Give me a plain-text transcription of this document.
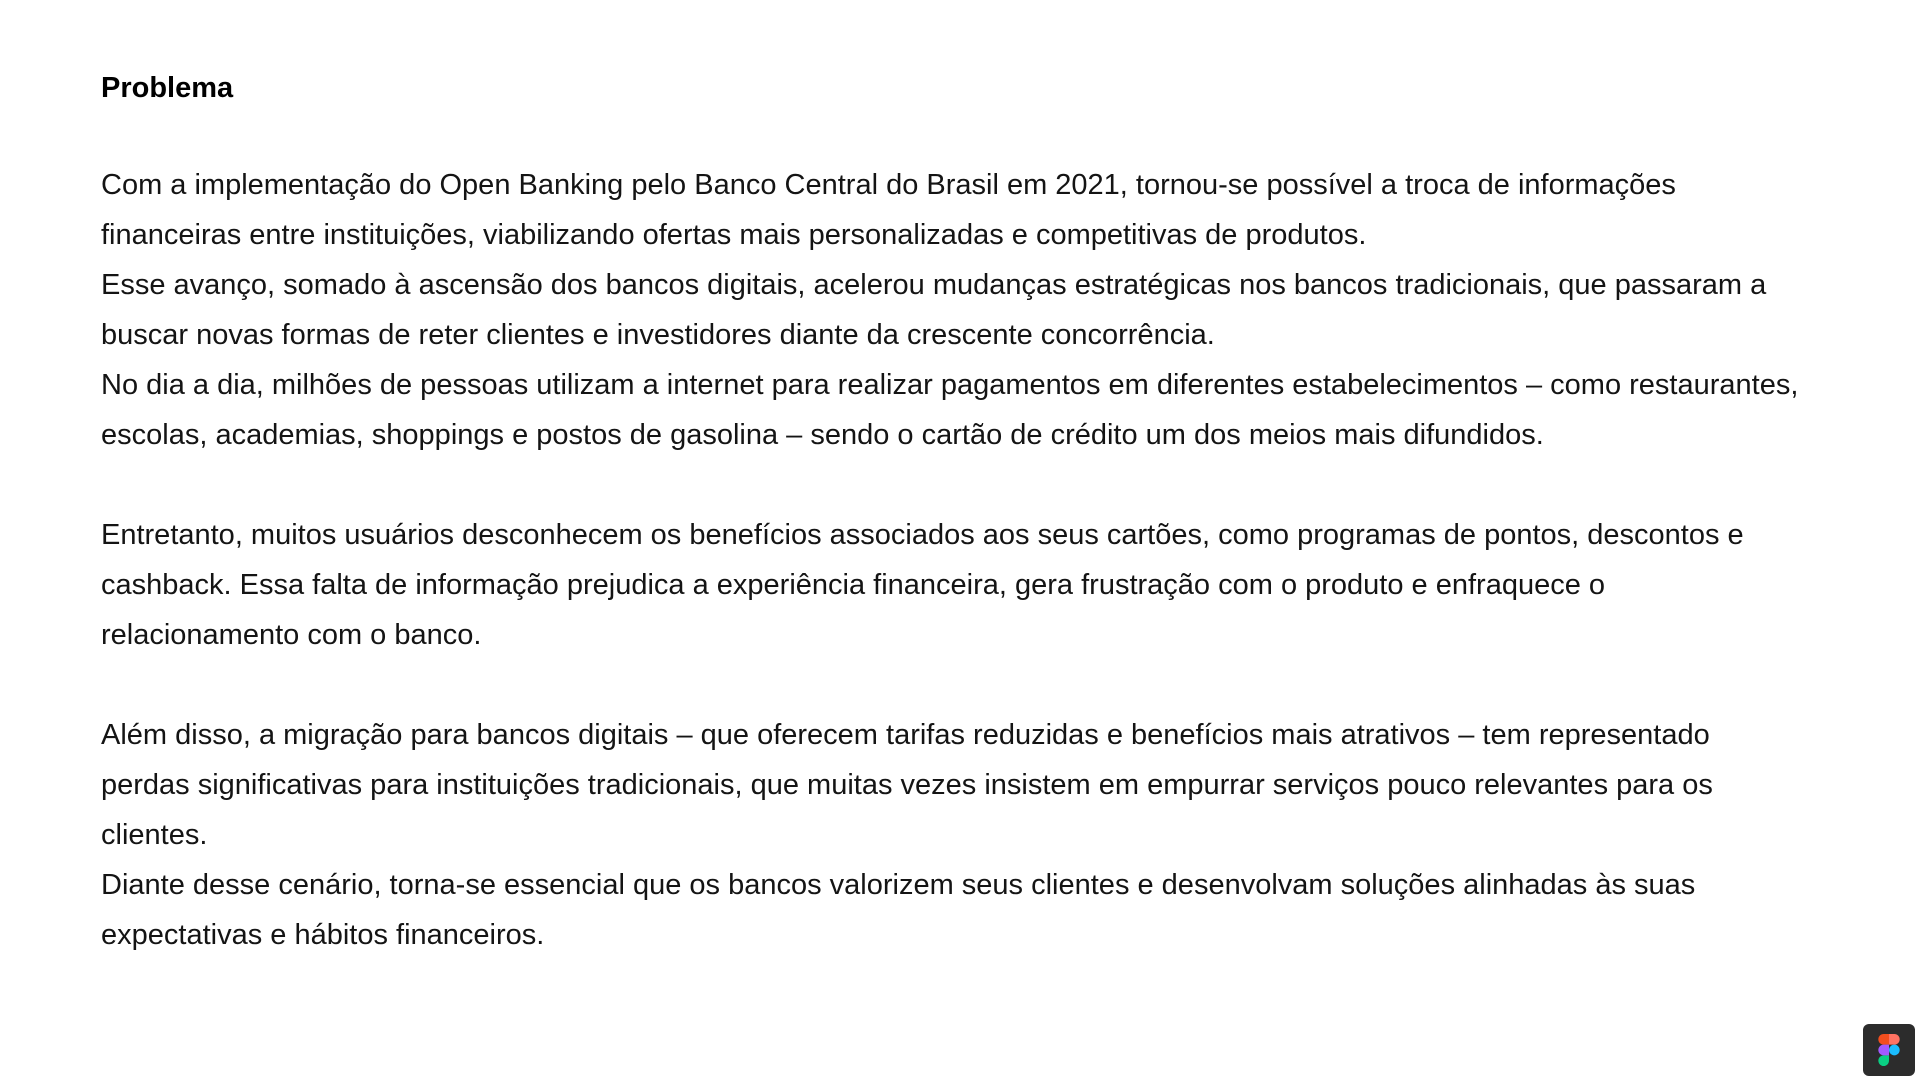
Problema

Com a implementação do Open Banking pelo Banco Central do Brasil em 2021, tornou-se possível a troca de informações financeiras entre instituições, viabilizando ofertas mais personalizadas e competitivas de produtos.

Esse avanço, somado à ascensão dos bancos digitais, acelerou mudanças estratégicas nos bancos tradicionais, que passaram a buscar novas formas de reter clientes e investidores diante da crescente concorrência.

No dia a dia, milhões de pessoas utilizam a internet para realizar pagamentos em diferentes estabelecimentos – como restaurantes, escolas, academias, shoppings e postos de gasolina – sendo o cartão de crédito um dos meios mais difundidos.

Entretanto, muitos usuários desconhecem os benefícios associados aos seus cartões, como programas de pontos, descontos e cashback. Essa falta de informação prejudica a experiência financeira, gera frustração com o produto e enfraquece o relacionamento com o banco.

Além disso, a migração para bancos digitais – que oferecem tarifas reduzidas e benefícios mais atrativos – tem representado perdas significativas para instituições tradicionais, que muitas vezes insistem em empurrar serviços pouco relevantes para os clientes.

Diante desse cenário, torna-se essencial que os bancos valorizem seus clientes e desenvolvam soluções alinhadas às suas expectativas e hábitos financeiros.
